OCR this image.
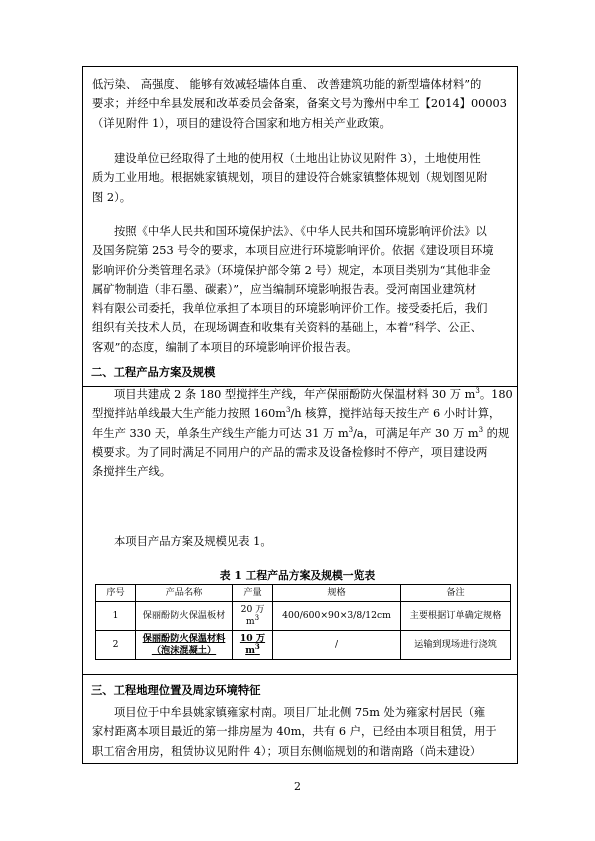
低污染、 高强度、 能够有效减轻墙体自重、 改善建筑功能的新型墙体材料”的
要求；并经中牟县发展和改革委员会备案，备案文号为豫州中牟工【2014】00003
（详见附件 1），项目的建设符合国家和地方相关产业政策。
建设单位已经取得了土地的使用权（土地出让协议见附件 3），土地使用性
质为工业用地。根据姚家镇规划，项目的建设符合姚家镇整体规划（规划图见附
图 2）。
按照《中华人民共和国环境保护法》、《中华人民共和国环境影响评价法》以
及国务院第 253 号令的要求，本项目应进行环境影响评价。依据《建设项目环境
影响评价分类管理名录》（环境保护部令第 2 号）规定，本项目类别为“其他非金
属矿物制造（非石墨、碳素）”，应当编制环境影响报告表。受河南国业建筑材
料有限公司委托，我单位承担了本项目的环境影响评价工作。接受委托后，我们
组织有关技术人员，在现场调查和收集有关资料的基础上，本着“科学、公正、
客观”的态度，编制了本项目的环境影响评价报告表。
二、工程产品方案及规模
项目共建成 2 条 180 型搅拌生产线，年产保丽酚防火保温材料 30 万 $m^3$。180
型搅拌站单线最大生产能力按照 $160m^3/h$ 核算，搅拌站每天按生产 6 小时计算，
年生产 330 天，单条生产线生产能力可达 31 万 $m^3/a$，可满足年产 30 万 $m^3$ 的规
模要求。为了同时满足不同用户的产品的需求及设备检修时不停产，项目建设两
条搅拌生产线。
本项目产品方案及规模见表 1。
表 1 工程产品方案及规模一览表
序号	产品名称	产量	规格	备注
1	保丽酚防火保温板材	20 万
$m^3$	400/600×90×3/8/12cm	主要根据订单确定规格
2	保丽酚防火保温材料（泡沫混凝土）	10 万
$m^3$	/	运输到现场进行浇筑
三、工程地理位置及周边环境特征
项目位于中牟县姚家镇雍家村南。项目厂址北侧 75m 处为雍家村居民（雍
家村距离本项目最近的第一排房屋为 40m，共有 6 户，已经由本项目租赁，用于
职工宿舍用房，租赁协议见附件 4）；项目东侧临规划的和谐南路（尚未建设）
2
